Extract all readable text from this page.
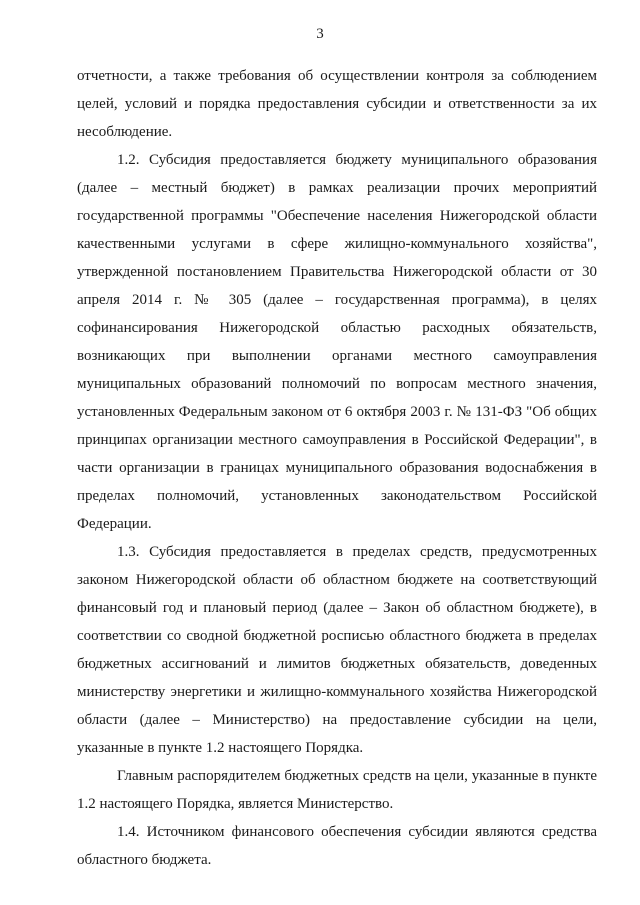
3

отчетности, а также требования об осуществлении контроля за соблюдением целей, условий и порядка предоставления субсидии и ответственности за их несоблюдение.

1.2. Субсидия предоставляется бюджету муниципального образования (далее – местный бюджет) в рамках реализации прочих мероприятий государственной программы "Обеспечение населения Нижегородской области качественными услугами в сфере жилищно-коммунального хозяйства", утвержденной постановлением Правительства Нижегородской области от 30 апреля 2014 г. № 305 (далее – государственная программа), в целях софинансирования Нижегородской областью расходных обязательств, возникающих при выполнении органами местного самоуправления муниципальных образований полномочий по вопросам местного значения, установленных Федеральным законом от 6 октября 2003 г. № 131-ФЗ "Об общих принципах организации местного самоуправления в Российской Федерации", в части организации в границах муниципального образования водоснабжения в пределах полномочий, установленных законодательством Российской Федерации.

1.3. Субсидия предоставляется в пределах средств, предусмотренных законом Нижегородской области об областном бюджете на соответствующий финансовый год и плановый период (далее – Закон об областном бюджете), в соответствии со сводной бюджетной росписью областного бюджета в пределах бюджетных ассигнований и лимитов бюджетных обязательств, доведенных министерству энергетики и жилищно-коммунального хозяйства Нижегородской области (далее – Министерство) на предоставление субсидии на цели, указанные в пункте 1.2 настоящего Порядка.

Главным распорядителем бюджетных средств на цели, указанные в пункте 1.2 настоящего Порядка, является Министерство.

1.4. Источником финансового обеспечения субсидии являются средства областного бюджета.
